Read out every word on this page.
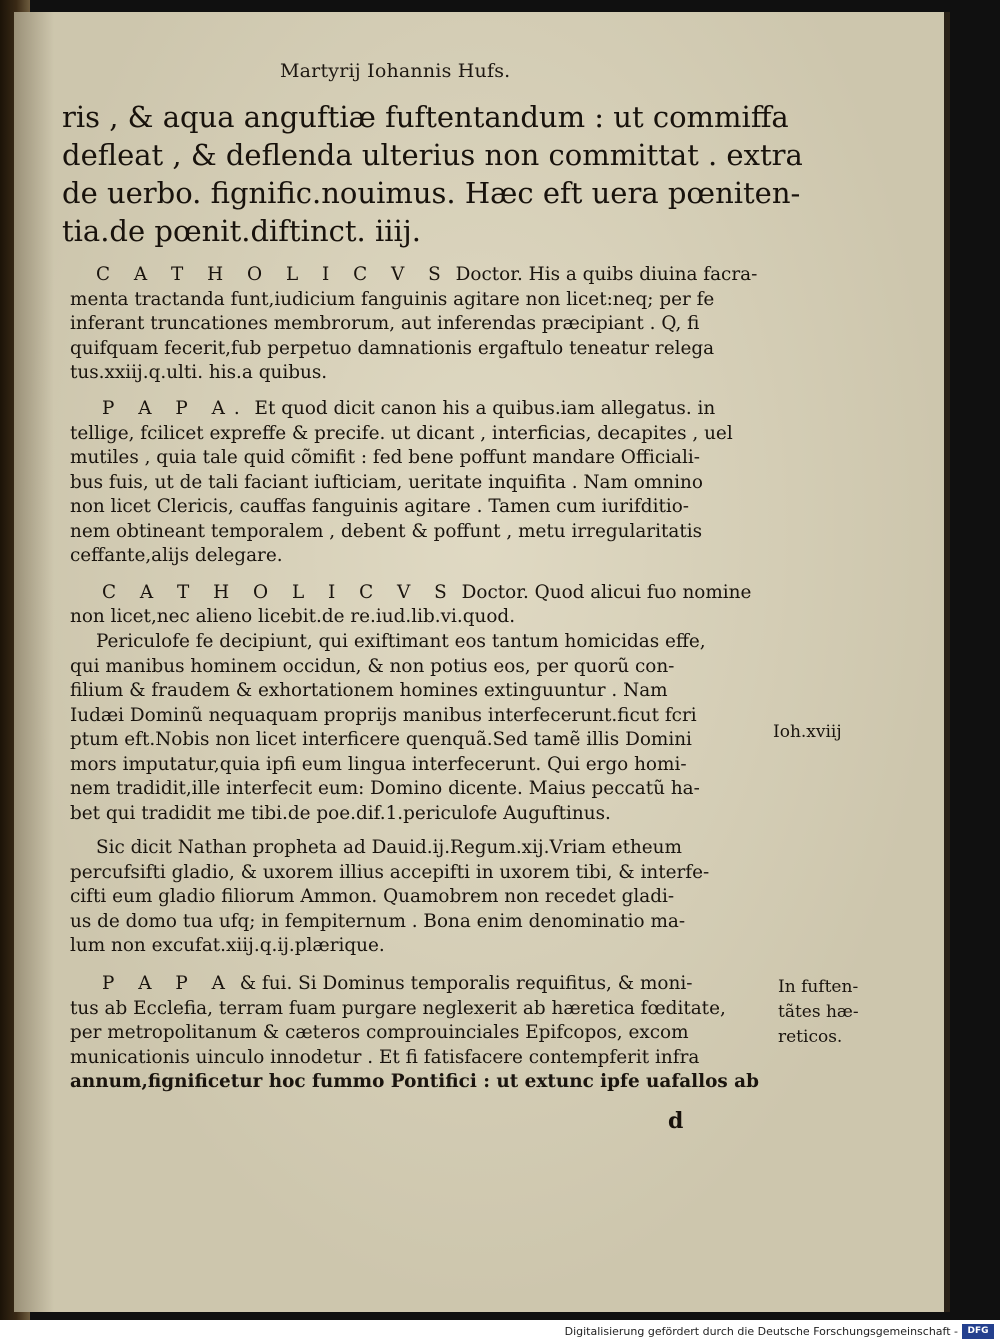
Martyrij Iohannis Hufs.
ris , & aqua anguftiæ fuftentandum : ut commiffa
defleat , & deflenda ulterius non committat . extra
de uerbo. fignific.nouimus. Hæc eft uera pœniten-
tia.de pœnit.diftinct. iiij.
C A T H O L I C V S Doctor. His a quibs diuina facra-
menta tractanda funt,iudicium fanguinis agitare non licet:neq; per fe
inferant truncationes membrorum, aut inferendas præcipiant . Q, fi
quifquam fecerit,fub perpetuo damnationis ergaftulo teneatur relega
tus.xxiij.q.ulti. his.a quibus.
P A P A. Et quod dicit canon his a quibus.iam allegatus. in
tellige, fcilicet expreffe & precife. ut dicant , interficias, decapites , uel
mutiles , quia tale quid cõmifit : fed bene poffunt mandare Officiali-
bus fuis, ut de tali faciant iufticiam, ueritate inquifita . Nam omnino
non licet Clericis, cauffas fanguinis agitare . Tamen cum iurifditio-
nem obtineant temporalem , debent & poffunt , metu irregularitatis
ceffante,alijs delegare.
C A T H O L I C V S Doctor. Quod alicui fuo nomine
non licet,nec alieno licebit.de re.iud.lib.vi.quod.
Periculofe fe decipiunt, qui exiftimant eos tantum homicidas effe,
qui manibus hominem occidun, & non potius eos, per quorũ con-
filium & fraudem & exhortationem homines extinguuntur . Nam
Iudæi Dominũ nequaquam proprijs manibus interfecerunt.ficut fcri
ptum eft.Nobis non licet interficere quenquã.Sed tamẽ illis Domini
mors imputatur,quia ipfi eum lingua interfecerunt. Qui ergo homi-
nem tradidit,ille interfecit eum: Domino dicente. Maius peccatũ ha-
bet qui tradidit me tibi.de poe.dif.1.periculofe Auguftinus.
Sic dicit Nathan propheta ad Dauid.ij.Regum.xij.Vriam etheum
percufsifti gladio, & uxorem illius accepifti in uxorem tibi, & interfe-
cifti eum gladio filiorum Ammon. Quamobrem non recedet gladi-
us de domo tua ufq; in fempiternum . Bona enim denominatio ma-
lum non excufat.xiij.q.ij.plærique.
P A P A & fui. Si Dominus temporalis requifitus, & moni-
tus ab Ecclefia, terram fuam purgare neglexerit ab hæretica fœditate,
per metropolitanum & cæteros comprouinciales Epifcopos, excom
municationis uinculo innodetur . Et fi fatisfacere contempferit infra
annum,fignificetur hoc fummo Pontifici : ut extunc ipfe uafallos ab
Ioh.xviij
In fuften-
tãtes hæ-
reticos.
d
Digitalisierung gefördert durch die Deutsche Forschungsgemeinschaft -	DFG
